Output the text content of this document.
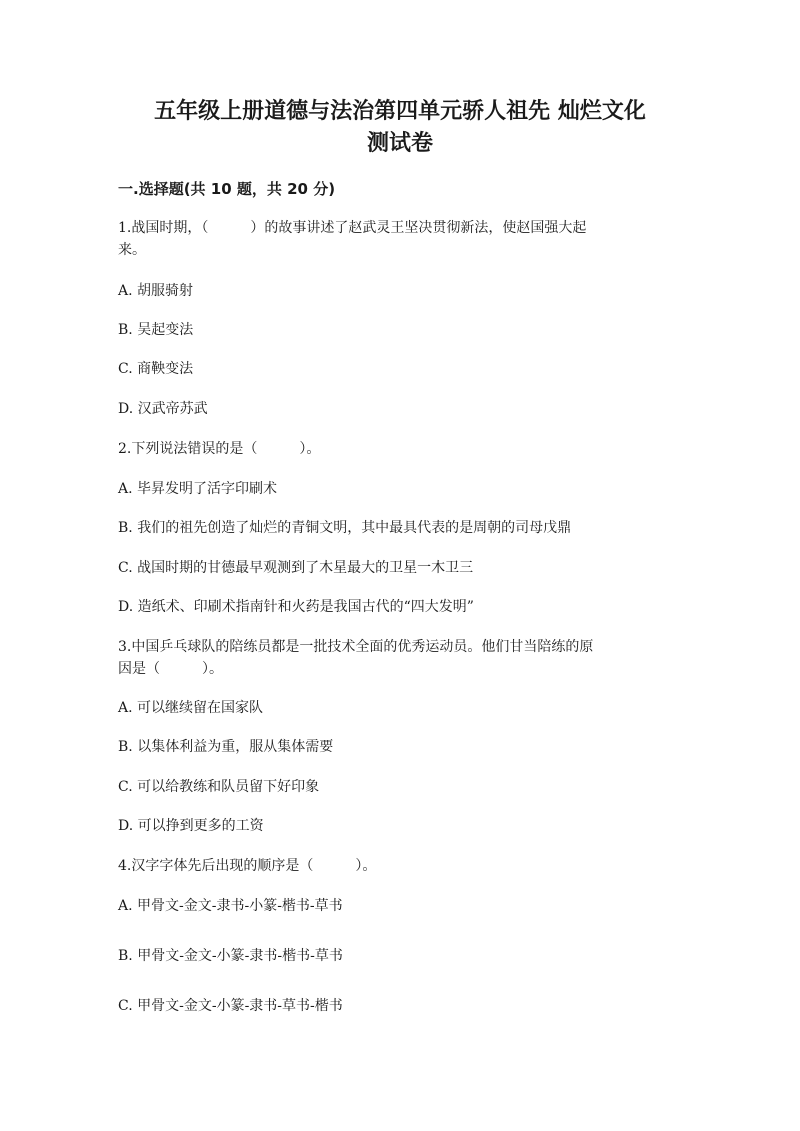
五年级上册道德与法治第四单元骄人祖先 灿烂文化
测试卷
一.选择题(共 10 题，共 20 分)
1.战国时期，（　　　）的故事讲述了赵武灵王坚决贯彻新法，使赵国强大起
来。
A. 胡服骑射
B. 吴起变法
C. 商鞅变法
D. 汉武帝苏武
2.下列说法错误的是（　　　）。
A. 毕昇发明了活字印刷术
B. 我们的祖先创造了灿烂的青铜文明，其中最具代表的是周朝的司母戊鼎
C. 战国时期的甘德最早观测到了木星最大的卫星一木卫三
D. 造纸术、印刷术指南针和火药是我国古代的“四大发明”
3.中国乒乓球队的陪练员都是一批技术全面的优秀运动员。他们甘当陪练的原
因是（　　　）。
A. 可以继续留在国家队
B. 以集体利益为重，服从集体需要
C. 可以给教练和队员留下好印象
D. 可以挣到更多的工资
4.汉字字体先后出现的顺序是（　　　）。
A. 甲骨文-金文-隶书-小篆-楷书-草书
B. 甲骨文-金文-小篆-隶书-楷书-草书
C. 甲骨文-金文-小篆-隶书-草书-楷书
